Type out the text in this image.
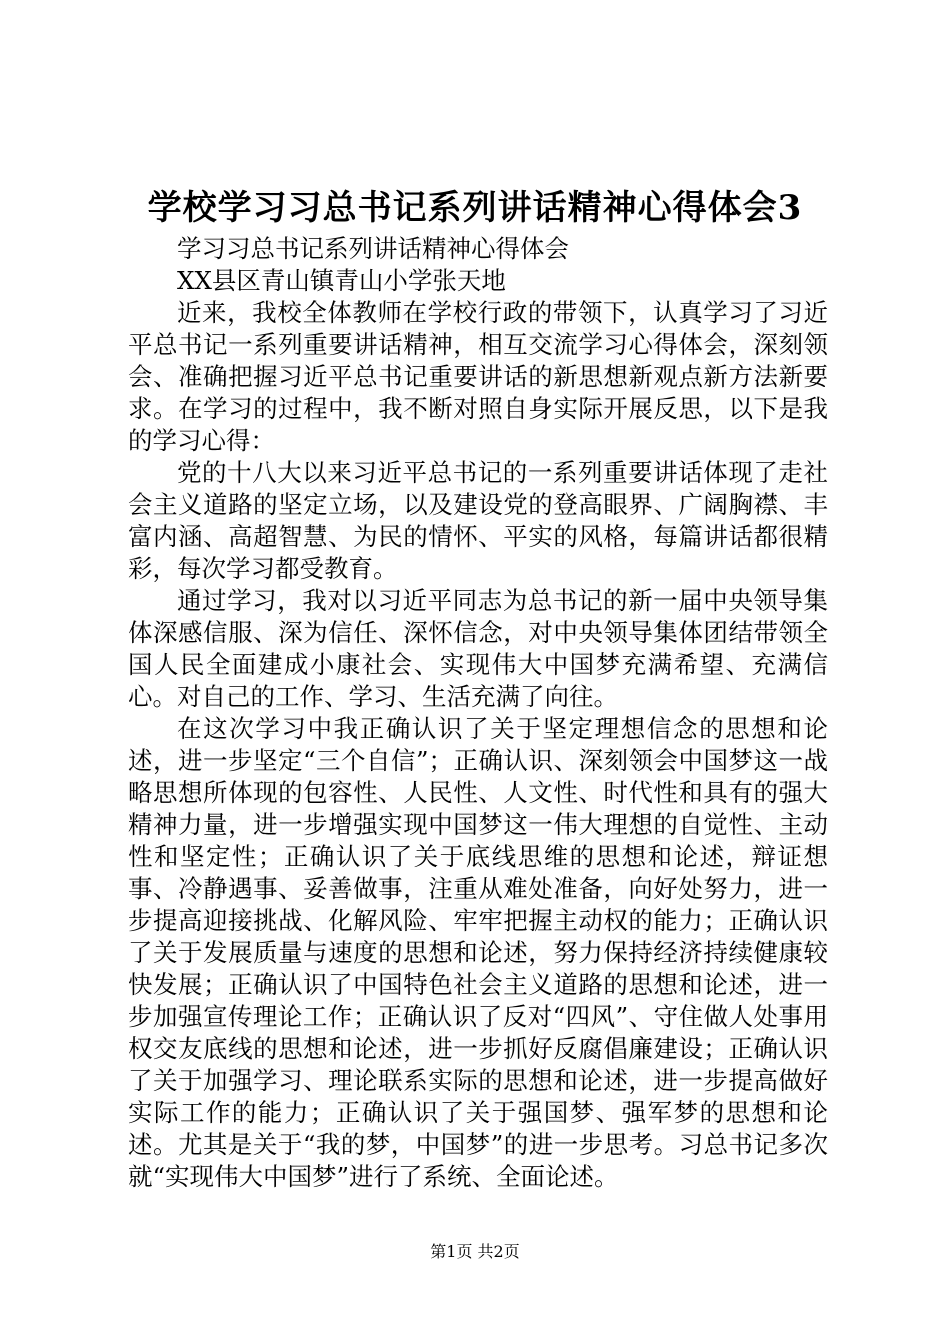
学校学习习总书记系列讲话精神心得体会3

学习习总书记系列讲话精神心得体会

XX县区青山镇青山小学张天地

近来，我校全体教师在学校行政的带领下，认真学习了习近平总书记一系列重要讲话精神，相互交流学习心得体会，深刻领会、准确把握习近平总书记重要讲话的新思想新观点新方法新要求。在学习的过程中，我不断对照自身实际开展反思，以下是我的学习心得：

党的十八大以来习近平总书记的一系列重要讲话体现了走社会主义道路的坚定立场，以及建设党的登高眼界、广阔胸襟、丰富内涵、高超智慧、为民的情怀、平实的风格，每篇讲话都很精彩，每次学习都受教育。

通过学习，我对以习近平同志为总书记的新一届中央领导集体深感信服、深为信任、深怀信念，对中央领导集体团结带领全国人民全面建成小康社会、实现伟大中国梦充满希望、充满信心。对自己的工作、学习、生活充满了向往。

在这次学习中我正确认识了关于坚定理想信念的思想和论述，进一步坚定“三个自信”；正确认识、深刻领会中国梦这一战略思想所体现的包容性、人民性、人文性、时代性和具有的强大精神力量，进一步增强实现中国梦这一伟大理想的自觉性、主动性和坚定性；正确认识了关于底线思维的思想和论述，辩证想事、冷静遇事、妥善做事，注重从难处准备，向好处努力，进一步提高迎接挑战、化解风险、牢牢把握主动权的能力；正确认识了关于发展质量与速度的思想和论述，努力保持经济持续健康较快发展；正确认识了中国特色社会主义道路的思想和论述，进一步加强宣传理论工作；正确认识了反对“四风”、守住做人处事用权交友底线的思想和论述，进一步抓好反腐倡廉建设；正确认识了关于加强学习、理论联系实际的思想和论述，进一步提高做好实际工作的能力；正确认识了关于强国梦、强军梦的思想和论述。尤其是关于“我的梦，中国梦”的进一步思考。习总书记多次就“实现伟大中国梦”进行了系统、全面论述。

第1页 共2页
